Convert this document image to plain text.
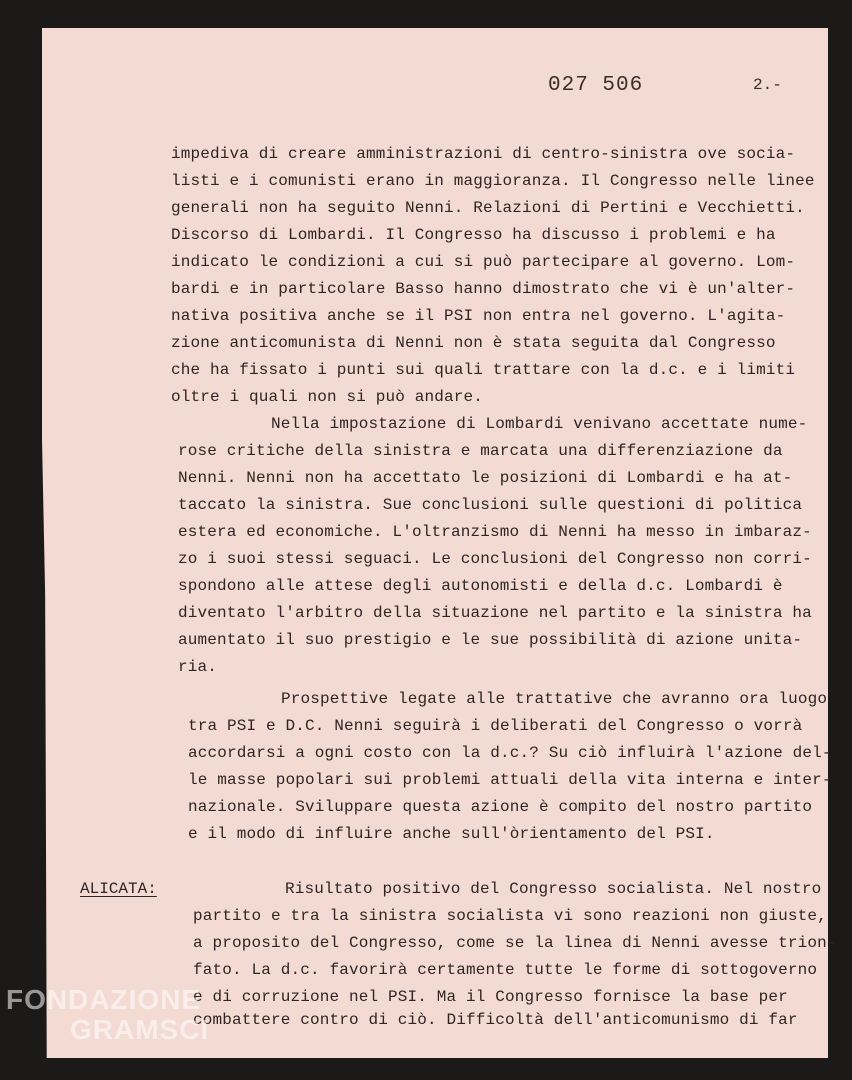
027 506	2.-
impediva di creare amministrazioni di centro-sinistra ove socia-
listi e i comunisti erano in maggioranza. Il Congresso nelle linee
generali non ha seguito Nenni. Relazioni di Pertini e Vecchietti.
Discorso di Lombardi. Il Congresso ha discusso i problemi e ha
indicato le condizioni a cui si può partecipare al governo. Lom-
bardi e in particolare Basso hanno dimostrato che vi è un'alter-
nativa positiva anche se il PSI non entra nel governo. L'agita-
zione anticomunista di Nenni non è stata seguita dal Congresso
che ha fissato i punti sui quali trattare con la d.c. e i limiti
oltre i quali non si può andare.
Nella impostazione di Lombardi venivano accettate nume-
rose critiche della sinistra e marcata una differenziazione da
Nenni. Nenni non ha accettato le posizioni di Lombardi e ha at-
taccato la sinistra. Sue conclusioni sulle questioni di politica
estera ed economiche. L'oltranzismo di Nenni ha messo in imbaraz-
zo i suoi stessi seguaci. Le conclusioni del Congresso non corri-
spondono alle attese degli autonomisti e della d.c. Lombardi è
diventato l'arbitro della situazione nel partito e la sinistra ha
aumentato il suo prestigio e le sue possibilità di azione unita-
ria.
Prospettive legate alle trattative che avranno ora luogo
tra PSI e D.C. Nenni seguirà i deliberati del Congresso o vorrà
accordarsi a ogni costo con la d.c.? Su ciò influirà l'azione del-
le masse popolari sui problemi attuali della vita interna e inter-
nazionale. Sviluppare questa azione è compito del nostro partito
e il modo di influire anche sull'òrientamento del PSI.
ALICATA:	Risultato positivo del Congresso socialista. Nel nostro
partito e tra la sinistra socialista vi sono reazioni non giuste,
a proposito del Congresso, come se la linea di Nenni avesse trion-
fato. La d.c. favorirà certamente tutte le forme di sottogoverno
e di corruzione nel PSI. Ma il Congresso fornisce la base per
combattere contro di ciò. Difficoltà dell'anticomunismo di far
FONDAZIONE
GRAMSCI
